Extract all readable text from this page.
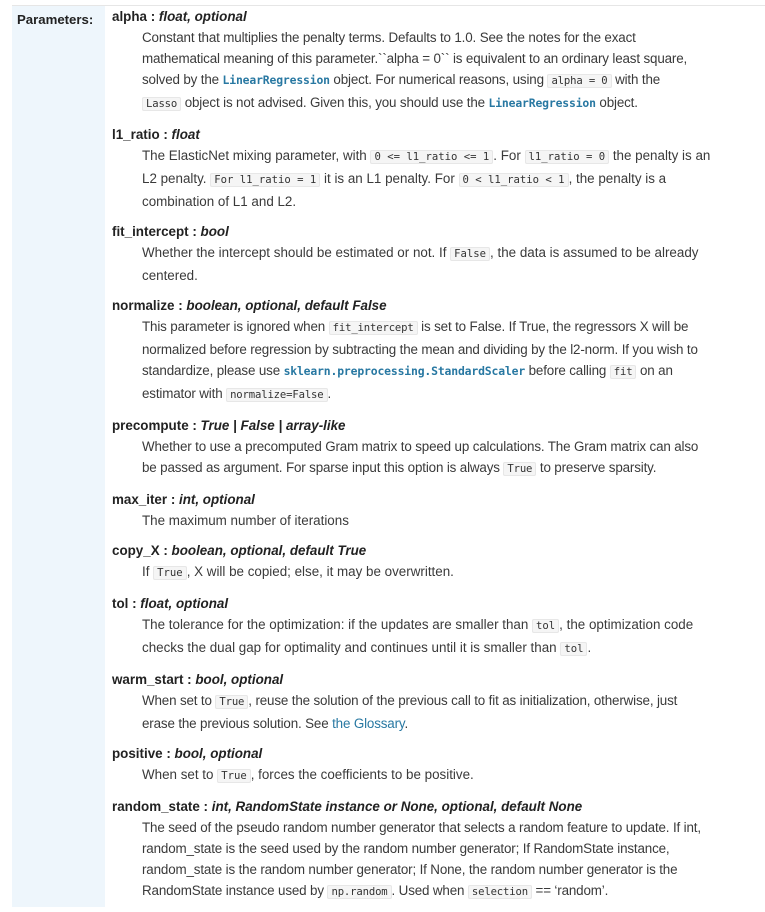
Parameters:	alpha : float, optional
Constant that multiplies the penalty terms. Defaults to 1.0. See the notes for the exact
mathematical meaning of this parameter.``alpha = 0`` is equivalent to an ordinary least square,
solved by the LinearRegression object. For numerical reasons, using alpha = 0 with the
Lasso object is not advised. Given this, you should use the LinearRegression object.
l1_ratio : float
The ElasticNet mixing parameter, with 0 <= l1_ratio <= 1 . For l1_ratio = 0 the penalty is an
L2 penalty. For l1_ratio = 1 it is an L1 penalty. For 0 < l1_ratio < 1 , the penalty is a
combination of L1 and L2.
fit_intercept : bool
Whether the intercept should be estimated or not. If False , the data is assumed to be already
centered.
normalize : boolean, optional, default False
This parameter is ignored when fit_intercept is set to False. If True, the regressors X will be
normalized before regression by subtracting the mean and dividing by the l2-norm. If you wish to
standardize, please use sklearn.preprocessing.StandardScaler before calling fit on an
estimator with normalize=False .
precompute : True | False | array-like
Whether to use a precomputed Gram matrix to speed up calculations. The Gram matrix can also
be passed as argument. For sparse input this option is always True to preserve sparsity.
max_iter : int, optional
The maximum number of iterations
copy_X : boolean, optional, default True
If True , X will be copied; else, it may be overwritten.
tol : float, optional
The tolerance for the optimization: if the updates are smaller than tol , the optimization code
checks the dual gap for optimality and continues until it is smaller than tol .
warm_start : bool, optional
When set to True , reuse the solution of the previous call to fit as initialization, otherwise, just
erase the previous solution. See the Glossary.
positive : bool, optional
When set to True , forces the coefficients to be positive.
random_state : int, RandomState instance or None, optional, default None
The seed of the pseudo random number generator that selects a random feature to update. If int,
random_state is the seed used by the random number generator; If RandomState instance,
random_state is the random number generator; If None, the random number generator is the
RandomState instance used by np.random . Used when selection == ‘random’.
